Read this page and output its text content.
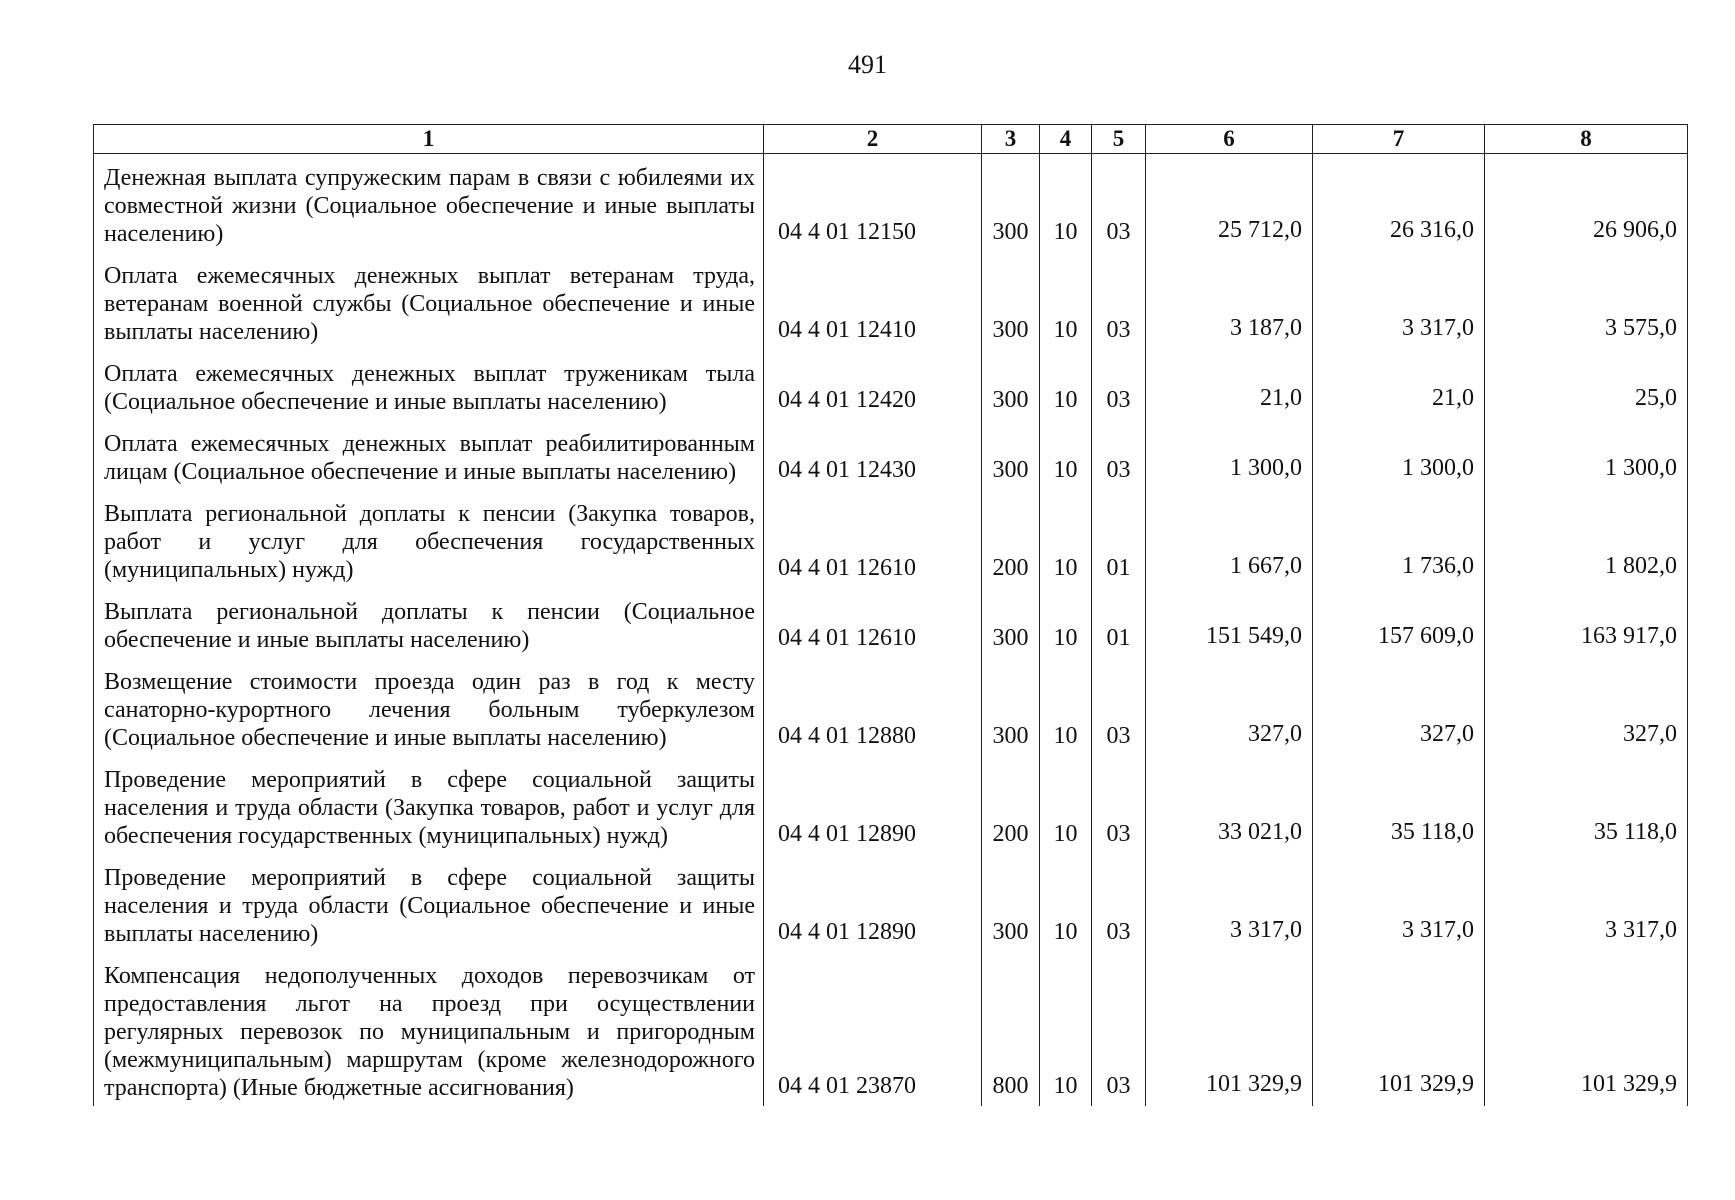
491
1	2	3	4	5	6	7	8
Денежная выплата супружеским парам в связи с юбилеями их совместной жизни (Социальное обеспечение и иные выплаты населению)	04 4 01 12150	300	10	03	25 712,0	26 316,0	26 906,0
Оплата ежемесячных денежных выплат ветеранам труда, ветеранам военной службы (Социальное обеспечение и иные выплаты населению)	04 4 01 12410	300	10	03	3 187,0	3 317,0	3 575,0
Оплата ежемесячных денежных выплат труженикам тыла (Социальное обеспечение и иные выплаты населению)	04 4 01 12420	300	10	03	21,0	21,0	25,0
Оплата ежемесячных денежных выплат реабилитированным лицам (Социальное обеспечение и иные выплаты населению)	04 4 01 12430	300	10	03	1 300,0	1 300,0	1 300,0
Выплата региональной доплаты к пенсии (Закупка товаров, работ и услуг для обеспечения государственных (муниципальных) нужд)	04 4 01 12610	200	10	01	1 667,0	1 736,0	1 802,0
Выплата региональной доплаты к пенсии (Социальное обеспечение и иные выплаты населению)	04 4 01 12610	300	10	01	151 549,0	157 609,0	163 917,0
Возмещение стоимости проезда один раз в год к месту санаторно-курортного лечения больным туберкулезом (Социальное обеспечение и иные выплаты населению)	04 4 01 12880	300	10	03	327,0	327,0	327,0
Проведение мероприятий в сфере социальной защиты населения и труда области (Закупка товаров, работ и услуг для обеспечения государственных (муниципальных) нужд)	04 4 01 12890	200	10	03	33 021,0	35 118,0	35 118,0
Проведение мероприятий в сфере социальной защиты населения и труда области (Социальное обеспечение и иные выплаты населению)	04 4 01 12890	300	10	03	3 317,0	3 317,0	3 317,0
Компенсация недополученных доходов перевозчикам от предоставления льгот на проезд при осуществлении регулярных перевозок по муниципальным и пригородным (межмуниципальным) маршрутам (кроме железнодорожного транспорта) (Иные бюджетные ассигнования)	04 4 01 23870	800	10	03	101 329,9	101 329,9	101 329,9
